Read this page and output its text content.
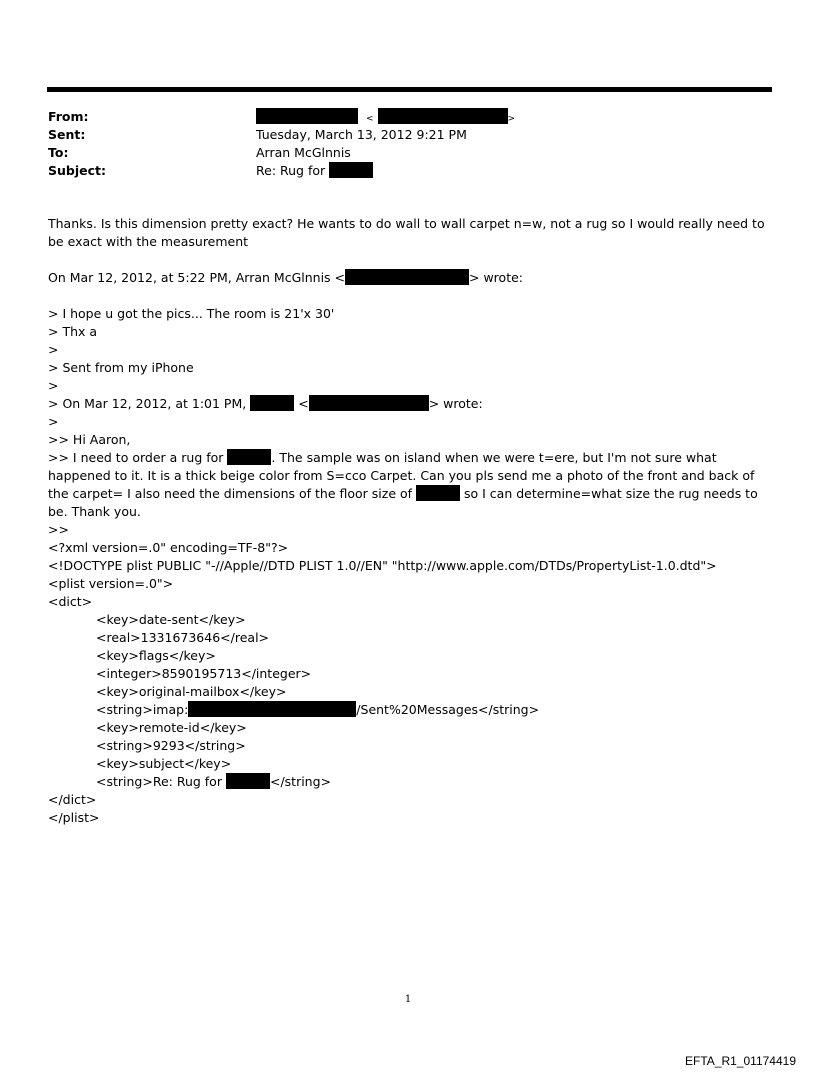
From:	<	>
Sent:	Tuesday, March 13, 2012 9:21 PM
To:	Arran McGlnnis
Subject:	Re: Rug for
Thanks. Is this dimension pretty exact? He wants to do wall to wall carpet n=w, not a rug so I would really need to be exact with the measurement
On Mar 12, 2012, at 5:22 PM, Arran McGlnnis <	> wrote:
> I hope u got the pics... The room is 21'x 30'
> Thx a
>
> Sent from my iPhone
>
> On Mar 12, 2012, at 1:01 PM,	<	> wrote:
>
>> Hi Aaron,
>> I need to order a rug for	. The sample was on island when we were t=ere, but I'm not sure what happened to it. It is a thick beige color from S=cco Carpet. Can you pls send me a photo of the front and back of the carpet= I also need the dimensions of the floor size of	so I can determine=what size the rug needs to be. Thank you.
>>
<?xml version=.0" encoding=TF-8"?>
<!DOCTYPE plist PUBLIC "-//Apple//DTD PLIST 1.0//EN" "http://www.apple.com/DTDs/PropertyList-1.0.dtd">
<plist version=.0">
<dict>
<key>date-sent</key>
<real>1331673646</real>
<key>flags</key>
<integer>8590195713</integer>
<key>original-mailbox</key>
<string>imap:	/Sent%20Messages</string>
<key>remote-id</key>
<string>9293</string>
<key>subject</key>
<string>Re: Rug for	</string>
</dict>
</plist>
1
EFTA_R1_01174419
